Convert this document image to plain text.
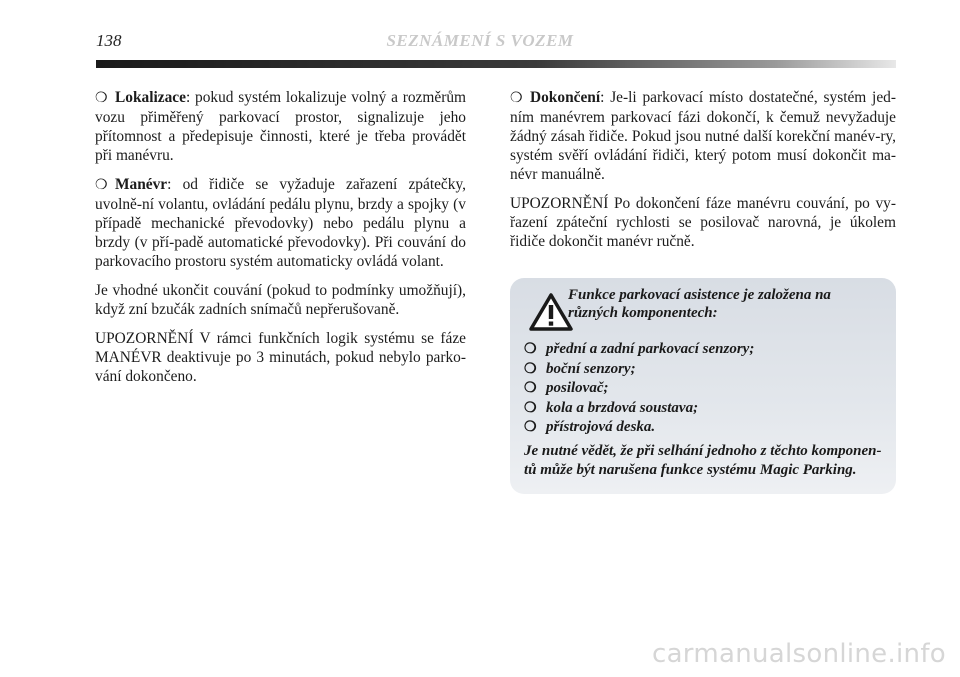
138	SEZNÁMENÍ S VOZEM

❍ Lokalizace: pokud systém lokalizuje volný a rozměrům vozu přiměřený parkovací prostor, signalizuje jeho přítomnost a předepisuje činnosti, které je třeba provádět při manévru.

❍ Manévr: od řidiče se vyžaduje zařazení zpátečky, uvolně-ní volantu, ovládání pedálu plynu, brzdy a spojky (v případě mechanické převodovky) nebo pedálu plynu a brzdy (v pří-padě automatické převodovky). Při couvání do parkovacího prostoru systém automaticky ovládá volant.

Je vhodné ukončit couvání (pokud to podmínky umožňují), když zní bzučák zadních snímačů nepřerušovaně.

UPOZORNĚNÍ V rámci funkčních logik systému se fáze MANÉVR deaktivuje po 3 minutách, pokud nebylo parko-vání dokončeno.

❍ Dokončení: Je-li parkovací místo dostatečné, systém jed-ním manévrem parkovací fázi dokončí, k čemuž nevyžaduje žádný zásah řidiče. Pokud jsou nutné další korekční manév-ry, systém svěří ovládání řidiči, který potom musí dokončit ma-névr manuálně.

UPOZORNĚNÍ Po dokončení fáze manévru couvání, po vy-řazení zpáteční rychlosti se posilovač narovná, je úkolem řidiče dokončit manévr ručně.

Funkce parkovací asistence je založena na různých komponentech:
❍ přední a zadní parkovací senzory;
❍ boční senzory;
❍ posilovač;
❍ kola a brzdová soustava;
❍ přístrojová deska.
Je nutné vědět, že při selhání jednoho z těchto komponen-tů může být narušena funkce systému Magic Parking.
carmanualsonline.info
